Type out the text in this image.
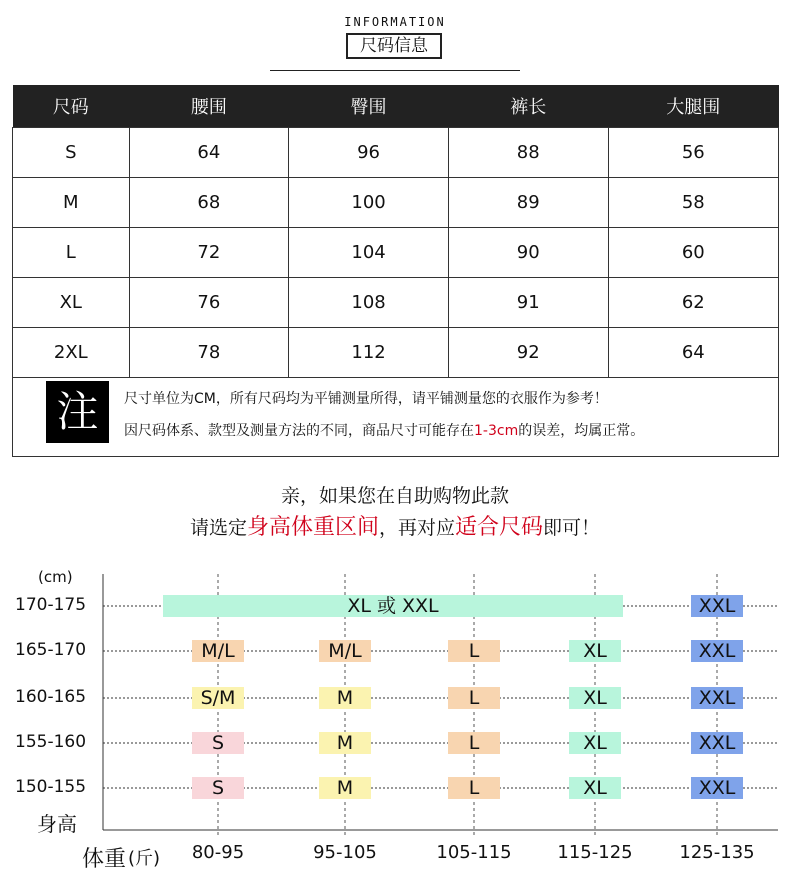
INFORMATION
尺码信息
尺码	腰围	臀围	裤长	大腿围
S	64	96	88	56
M	68	100	89	58
L	72	104	90	60
XL	76	108	91	62
2XL	78	112	92	64
注	尺寸单位为CM，所有尺码均为平铺测量所得，请平铺测量您的衣服作为参考！
因尺码体系、款型及测量方法的不同，商品尺寸可能存在1-3cm的误差，均属正常。
亲，如果您在自助购物此款
请选定身高体重区间，再对应适合尺码即可！
(cm)
身高
体重 (斤)
170-175
165-170
160-165
155-160
150-155
80-95	95-105	105-115	115-125	125-135
XL 或 XXL	XXL
M/L	M/L	L	XL	XXL
S/M	M	L	XL	XXL
S	M	L	XL	XXL
S	M	L	XL	XXL
